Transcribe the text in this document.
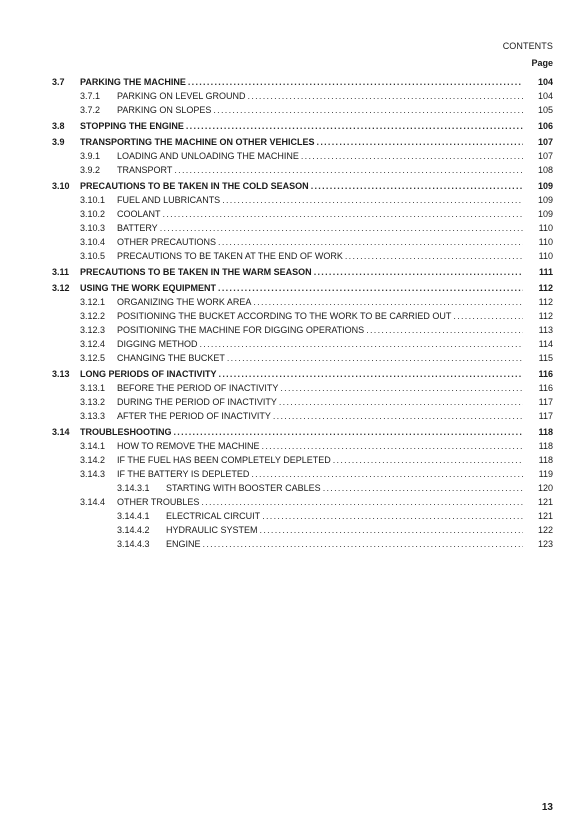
CONTENTS
Page
3.7 PARKING THE MACHINE . . .	104
3.7.1 PARKING ON LEVEL GROUND . . .	104
3.7.2 PARKING ON SLOPES . . .	105
3.8 STOPPING THE ENGINE . . .	106
3.9 TRANSPORTING THE MACHINE ON OTHER VEHICLES . . .	107
3.9.1 LOADING AND UNLOADING THE MACHINE . . .	107
3.9.2 TRANSPORT . . .	108
3.10 PRECAUTIONS TO BE TAKEN IN THE COLD SEASON . . .	109
3.10.1 FUEL AND LUBRICANTS . . .	109
3.10.2 COOLANT . . .	109
3.10.3 BATTERY . . .	110
3.10.4 OTHER PRECAUTIONS . . .	110
3.10.5 PRECAUTIONS TO BE TAKEN AT THE END OF WORK . . .	110
3.11 PRECAUTIONS TO BE TAKEN IN THE WARM SEASON . . .	111
3.12 USING THE WORK EQUIPMENT . . .	112
3.12.1 ORGANIZING THE WORK AREA . . .	112
3.12.2 POSITIONING THE BUCKET ACCORDING TO THE WORK TO BE CARRIED OUT . . .	112
3.12.3 POSITIONING THE MACHINE FOR DIGGING OPERATIONS . . .	113
3.12.4 DIGGING METHOD . . .	114
3.12.5 CHANGING THE BUCKET . . .	115
3.13 LONG PERIODS OF INACTIVITY . . .	116
3.13.1 BEFORE THE PERIOD OF INACTIVITY . . .	116
3.13.2 DURING THE PERIOD OF INACTIVITY . . .	117
3.13.3 AFTER THE PERIOD OF INACTIVITY . . .	117
3.14 TROUBLESHOOTING . . .	118
3.14.1 HOW TO REMOVE THE MACHINE . . .	118
3.14.2 IF THE FUEL HAS BEEN COMPLETELY DEPLETED . . .	118
3.14.3 IF THE BATTERY IS DEPLETED . . .	119
3.14.3.1 STARTING WITH BOOSTER CABLES . . .	120
3.14.4 OTHER TROUBLES . . .	121
3.14.4.1 ELECTRICAL CIRCUIT . . .	121
3.14.4.2 HYDRAULIC SYSTEM . . .	122
3.14.4.3 ENGINE . . .	123
13
